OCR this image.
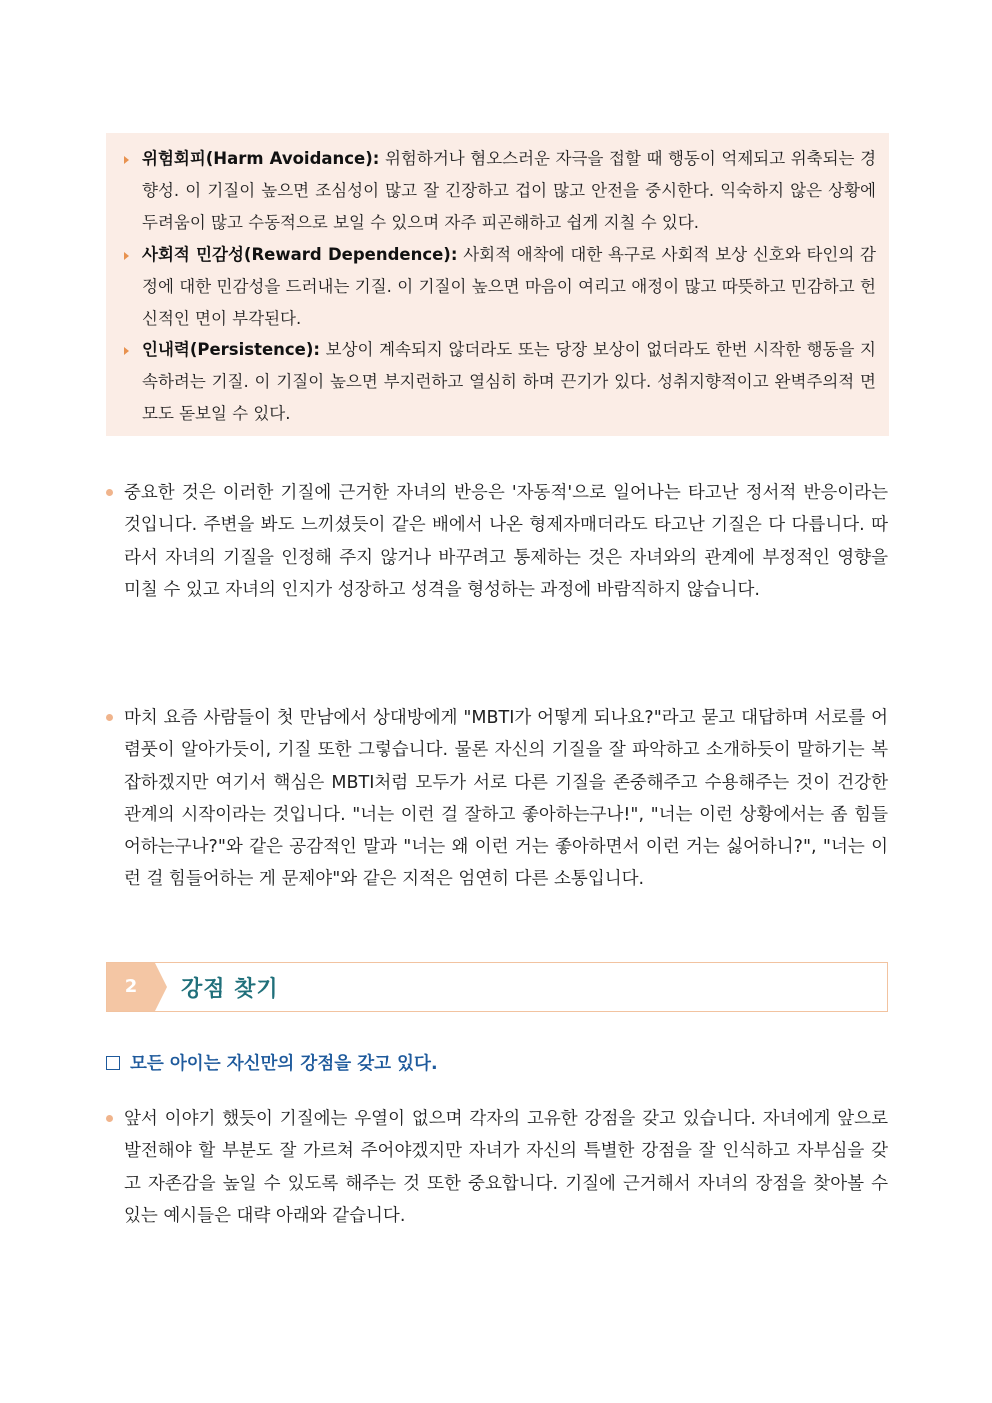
위험회피(Harm Avoidance): 위험하거나 혐오스러운 자극을 접할 때 행동이 억제되고 위축되는 경향성. 이 기질이 높으면 조심성이 많고 잘 긴장하고 겁이 많고 안전을 중시한다. 익숙하지 않은 상황에 두려움이 많고 수동적으로 보일 수 있으며 자주 피곤해하고 쉽게 지칠 수 있다.

사회적 민감성(Reward Dependence): 사회적 애착에 대한 욕구로 사회적 보상 신호와 타인의 감정에 대한 민감성을 드러내는 기질. 이 기질이 높으면 마음이 여리고 애정이 많고 따뜻하고 민감하고 헌신적인 면이 부각된다.

인내력(Persistence): 보상이 계속되지 않더라도 또는 당장 보상이 없더라도 한번 시작한 행동을 지속하려는 기질. 이 기질이 높으면 부지런하고 열심히 하며 끈기가 있다. 성취지향적이고 완벽주의적 면모도 돋보일 수 있다.

중요한 것은 이러한 기질에 근거한 자녀의 반응은 '자동적'으로 일어나는 타고난 정서적 반응이라는 것입니다. 주변을 봐도 느끼셨듯이 같은 배에서 나온 형제자매더라도 타고난 기질은 다 다릅니다. 따라서 자녀의 기질을 인정해 주지 않거나 바꾸려고 통제하는 것은 자녀와의 관계에 부정적인 영향을 미칠 수 있고 자녀의 인지가 성장하고 성격을 형성하는 과정에 바람직하지 않습니다.

마치 요즘 사람들이 첫 만남에서 상대방에게 "MBTI가 어떻게 되나요?"라고 묻고 대답하며 서로를 어렴풋이 알아가듯이, 기질 또한 그렇습니다. 물론 자신의 기질을 잘 파악하고 소개하듯이 말하기는 복잡하겠지만 여기서 핵심은 MBTI처럼 모두가 서로 다른 기질을 존중해주고 수용해주는 것이 건강한 관계의 시작이라는 것입니다. "너는 이런 걸 잘하고 좋아하는구나!", "너는 이런 상황에서는 좀 힘들어하는구나?"와 같은 공감적인 말과 "너는 왜 이런 거는 좋아하면서 이런 거는 싫어하니?", "너는 이런 걸 힘들어하는 게 문제야"와 같은 지적은 엄연히 다른 소통입니다.

2	강점 찾기
모든 아이는 자신만의 강점을 갖고 있다.

앞서 이야기 했듯이 기질에는 우열이 없으며 각자의 고유한 강점을 갖고 있습니다. 자녀에게 앞으로 발전해야 할 부분도 잘 가르쳐 주어야겠지만 자녀가 자신의 특별한 강점을 잘 인식하고 자부심을 갖고 자존감을 높일 수 있도록 해주는 것 또한 중요합니다. 기질에 근거해서 자녀의 장점을 찾아볼 수 있는 예시들은 대략 아래와 같습니다.
